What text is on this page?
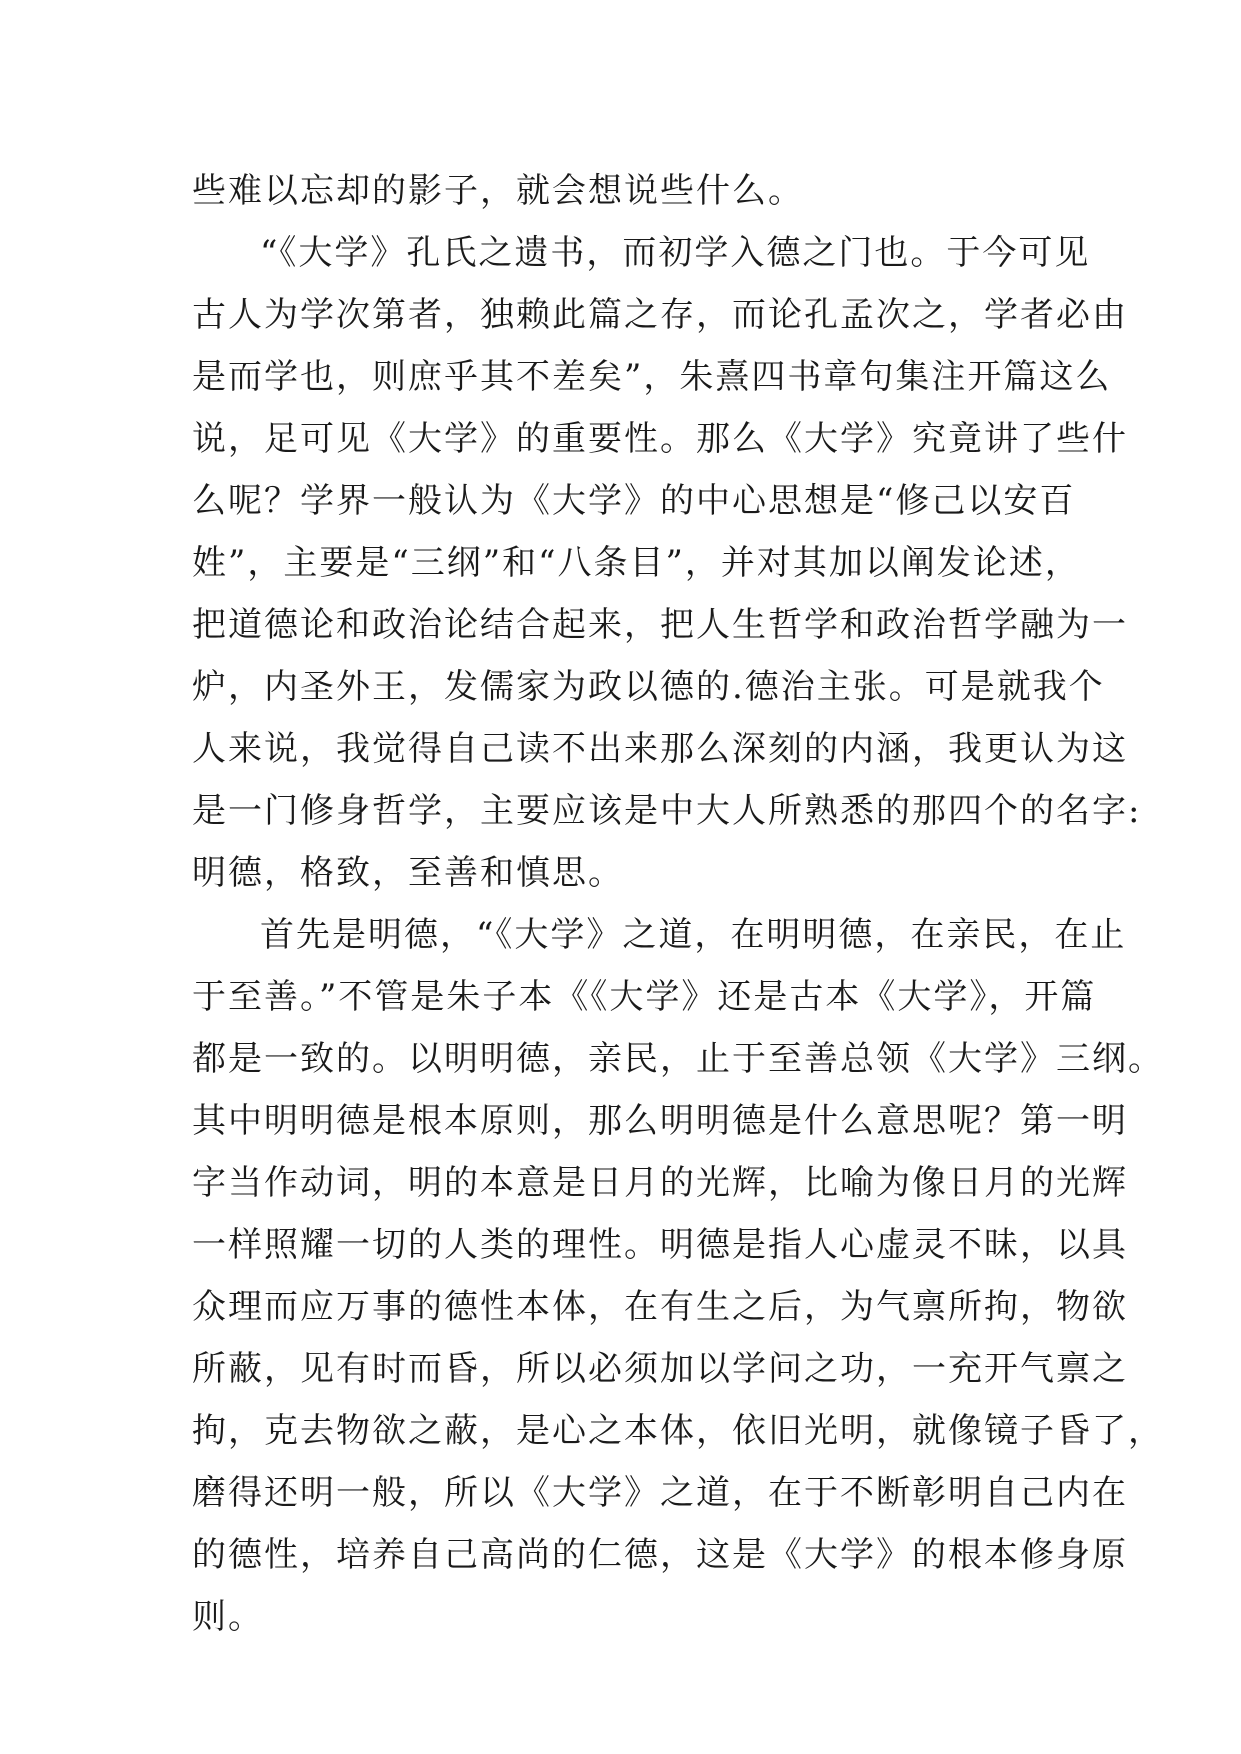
些难以忘却的影子，就会想说些什么。
“《大学》孔氏之遗书，而初学入德之门也。于今可见
古人为学次第者，独赖此篇之存，而论孔孟次之，学者必由
是而学也，则庶乎其不差矣”，朱熹四书章句集注开篇这么
说，足可见《大学》的重要性。那么《大学》究竟讲了些什
么呢？学界一般认为《大学》的中心思想是“修己以安百
姓”，主要是“三纲”和“八条目”，并对其加以阐发论述，
把道德论和政治论结合起来，把人生哲学和政治哲学融为一
炉，内圣外王，发儒家为政以德的.德治主张。可是就我个
人来说，我觉得自己读不出来那么深刻的内涵，我更认为这
是一门修身哲学，主要应该是中大人所熟悉的那四个的名字:
明德，格致，至善和慎思。
首先是明德，“《大学》之道，在明明德，在亲民，在止
于至善。”不管是朱子本《《大学》还是古本《大学》，开篇
都是一致的。以明明德，亲民，止于至善总领《大学》三纲。
其中明明德是根本原则，那么明明德是什么意思呢？第一明
字当作动词，明的本意是日月的光辉，比喻为像日月的光辉
一样照耀一切的人类的理性。明德是指人心虚灵不昧，以具
众理而应万事的德性本体，在有生之后，为气禀所拘，物欲
所蔽，见有时而昏，所以必须加以学问之功，一充开气禀之
拘，克去物欲之蔽，是心之本体，依旧光明，就像镜子昏了，
磨得还明一般，所以《大学》之道，在于不断彰明自己内在
的德性，培养自己高尚的仁德，这是《大学》的根本修身原
则。
